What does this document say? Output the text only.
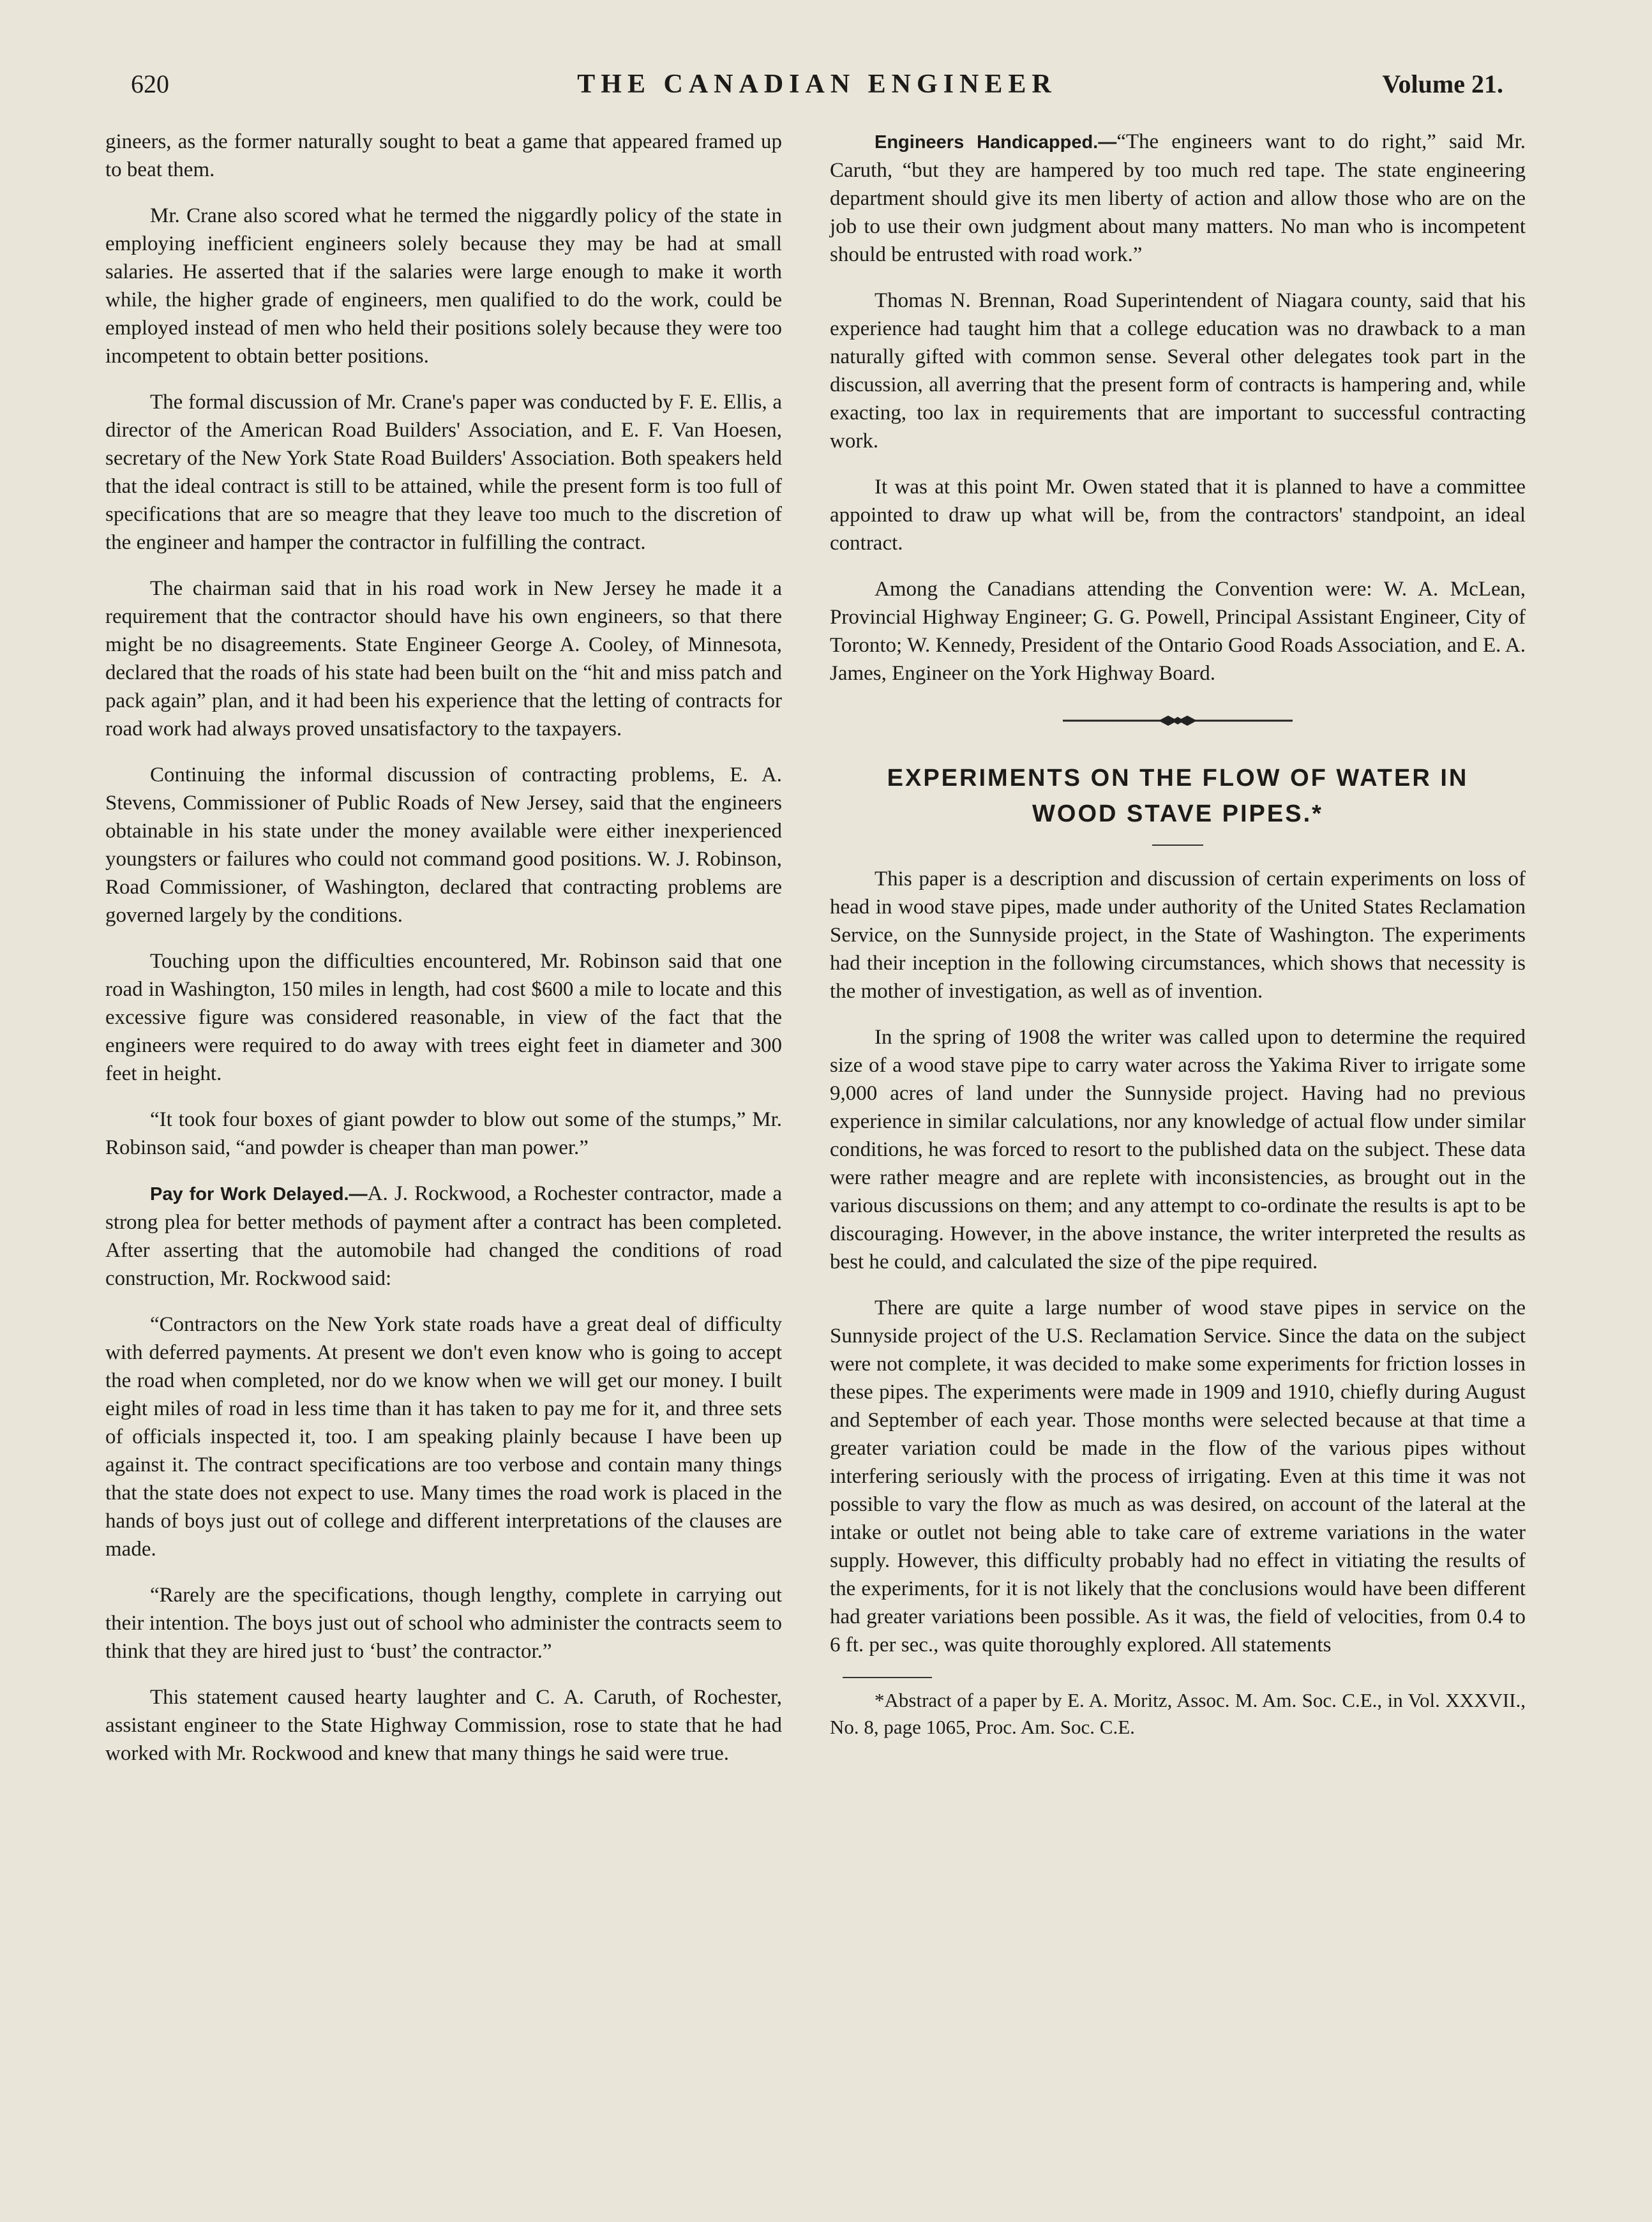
620	THE CANADIAN ENGINEER	Volume 21.

gineers, as the former naturally sought to beat a game that appeared framed up to beat them.

Mr. Crane also scored what he termed the niggardly policy of the state in employing inefficient engineers solely because they may be had at small salaries. He asserted that if the salaries were large enough to make it worth while, the higher grade of engineers, men qualified to do the work, could be employed instead of men who held their positions solely because they were too incompetent to obtain better positions.

The formal discussion of Mr. Crane's paper was conducted by F. E. Ellis, a director of the American Road Builders' Association, and E. F. Van Hoesen, secretary of the New York State Road Builders' Association. Both speakers held that the ideal contract is still to be attained, while the present form is too full of specifications that are so meagre that they leave too much to the discretion of the engineer and hamper the contractor in fulfilling the contract.

The chairman said that in his road work in New Jersey he made it a requirement that the contractor should have his own engineers, so that there might be no disagreements. State Engineer George A. Cooley, of Minnesota, declared that the roads of his state had been built on the “hit and miss patch and pack again” plan, and it had been his experience that the letting of contracts for road work had always proved unsatisfactory to the taxpayers.

Continuing the informal discussion of contracting problems, E. A. Stevens, Commissioner of Public Roads of New Jersey, said that the engineers obtainable in his state under the money available were either inexperienced youngsters or failures who could not command good positions. W. J. Robinson, Road Commissioner, of Washington, declared that contracting problems are governed largely by the conditions.

Touching upon the difficulties encountered, Mr. Robinson said that one road in Washington, 150 miles in length, had cost $600 a mile to locate and this excessive figure was considered reasonable, in view of the fact that the engineers were required to do away with trees eight feet in diameter and 300 feet in height.

“It took four boxes of giant powder to blow out some of the stumps,” Mr. Robinson said, “and powder is cheaper than man power.”

Pay for Work Delayed.—A. J. Rockwood, a Rochester contractor, made a strong plea for better methods of payment after a contract has been completed. After asserting that the automobile had changed the conditions of road construction, Mr. Rockwood said:

“Contractors on the New York state roads have a great deal of difficulty with deferred payments. At present we don't even know who is going to accept the road when completed, nor do we know when we will get our money. I built eight miles of road in less time than it has taken to pay me for it, and three sets of officials inspected it, too. I am speaking plainly because I have been up against it. The contract specifications are too verbose and contain many things that the state does not expect to use. Many times the road work is placed in the hands of boys just out of college and different interpretations of the clauses are made.

“Rarely are the specifications, though lengthy, complete in carrying out their intention. The boys just out of school who administer the contracts seem to think that they are hired just to ‘bust’ the contractor.”

This statement caused hearty laughter and C. A. Caruth, of Rochester, assistant engineer to the State Highway Commission, rose to state that he had worked with Mr. Rockwood and knew that many things he said were true.

Engineers Handicapped.—“The engineers want to do right,” said Mr. Caruth, “but they are hampered by too much red tape. The state engineering department should give its men liberty of action and allow those who are on the job to use their own judgment about many matters. No man who is incompetent should be entrusted with road work.”

Thomas N. Brennan, Road Superintendent of Niagara county, said that his experience had taught him that a college education was no drawback to a man naturally gifted with common sense. Several other delegates took part in the discussion, all averring that the present form of contracts is hampering and, while exacting, too lax in requirements that are important to successful contracting work.

It was at this point Mr. Owen stated that it is planned to have a committee appointed to draw up what will be, from the contractors' standpoint, an ideal contract.

Among the Canadians attending the Convention were: W. A. McLean, Provincial Highway Engineer; G. G. Powell, Principal Assistant Engineer, City of Toronto; W. Kennedy, President of the Ontario Good Roads Association, and E. A. James, Engineer on the York Highway Board.

EXPERIMENTS ON THE FLOW OF WATER IN
WOOD STAVE PIPES.*

This paper is a description and discussion of certain experiments on loss of head in wood stave pipes, made under authority of the United States Reclamation Service, on the Sunnyside project, in the State of Washington. The experiments had their inception in the following circumstances, which shows that necessity is the mother of investigation, as well as of invention.

In the spring of 1908 the writer was called upon to determine the required size of a wood stave pipe to carry water across the Yakima River to irrigate some 9,000 acres of land under the Sunnyside project. Having had no previous experience in similar calculations, nor any knowledge of actual flow under similar conditions, he was forced to resort to the published data on the subject. These data were rather meagre and are replete with inconsistencies, as brought out in the various discussions on them; and any attempt to co-ordinate the results is apt to be discouraging. However, in the above instance, the writer interpreted the results as best he could, and calculated the size of the pipe required.

There are quite a large number of wood stave pipes in service on the Sunnyside project of the U.S. Reclamation Service. Since the data on the subject were not complete, it was decided to make some experiments for friction losses in these pipes. The experiments were made in 1909 and 1910, chiefly during August and September of each year. Those months were selected because at that time a greater variation could be made in the flow of the various pipes without interfering seriously with the process of irrigating. Even at this time it was not possible to vary the flow as much as was desired, on account of the lateral at the intake or outlet not being able to take care of extreme variations in the water supply. However, this difficulty probably had no effect in vitiating the results of the experiments, for it is not likely that the conclusions would have been different had greater variations been possible. As it was, the field of velocities, from 0.4 to 6 ft. per sec., was quite thoroughly explored. All statements

*Abstract of a paper by E. A. Moritz, Assoc. M. Am. Soc. C.E., in Vol. XXXVII., No. 8, page 1065, Proc. Am. Soc. C.E.
